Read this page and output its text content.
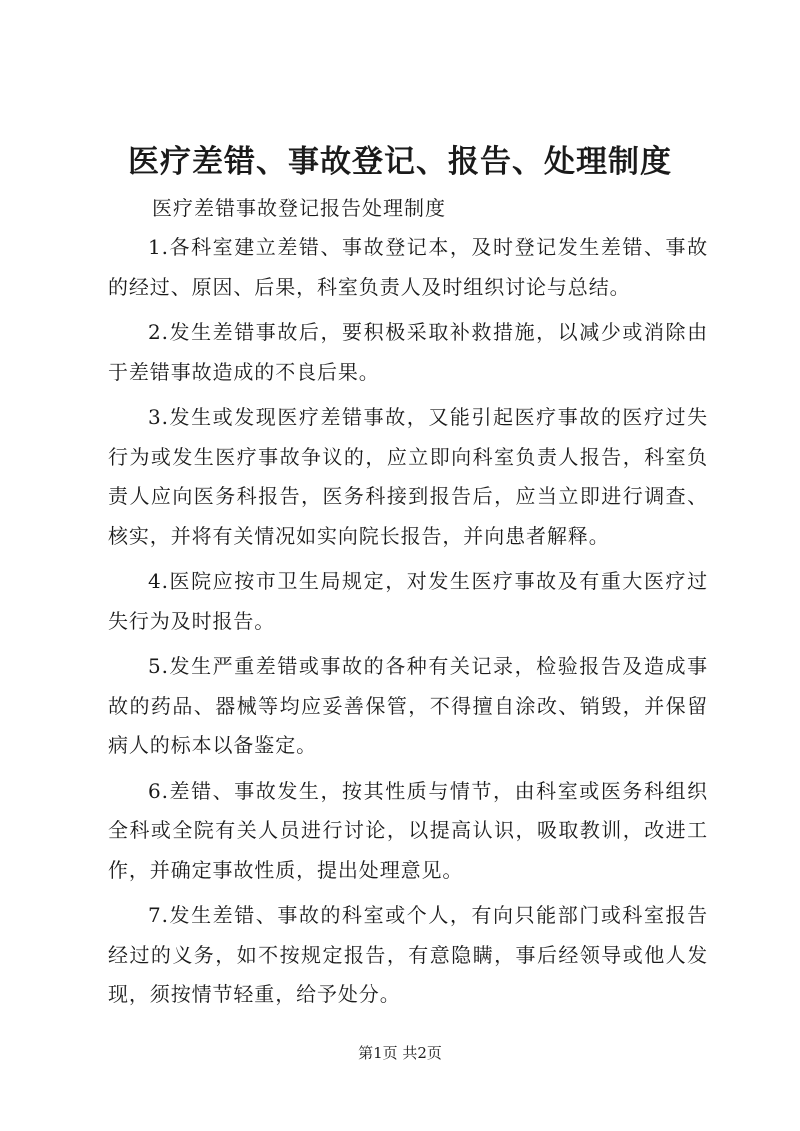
医疗差错、事故登记、报告、处理制度
医疗差错事故登记报告处理制度

1.各科室建立差错、事故登记本，及时登记发生差错、事故的经过、原因、后果，科室负责人及时组织讨论与总结。

2.发生差错事故后，要积极采取补救措施，以减少或消除由于差错事故造成的不良后果。

3.发生或发现医疗差错事故，又能引起医疗事故的医疗过失行为或发生医疗事故争议的，应立即向科室负责人报告，科室负责人应向医务科报告，医务科接到报告后，应当立即进行调查、核实，并将有关情况如实向院长报告，并向患者解释。

4.医院应按市卫生局规定，对发生医疗事故及有重大医疗过失行为及时报告。

5.发生严重差错或事故的各种有关记录，检验报告及造成事故的药品、器械等均应妥善保管，不得擅自涂改、销毁，并保留病人的标本以备鉴定。

6.差错、事故发生，按其性质与情节，由科室或医务科组织全科或全院有关人员进行讨论，以提高认识，吸取教训，改进工作，并确定事故性质，提出处理意见。

7.发生差错、事故的科室或个人，有向只能部门或科室报告经过的义务，如不按规定报告，有意隐瞒，事后经领导或他人发现，须按情节轻重，给予处分。

第1页 共2页
